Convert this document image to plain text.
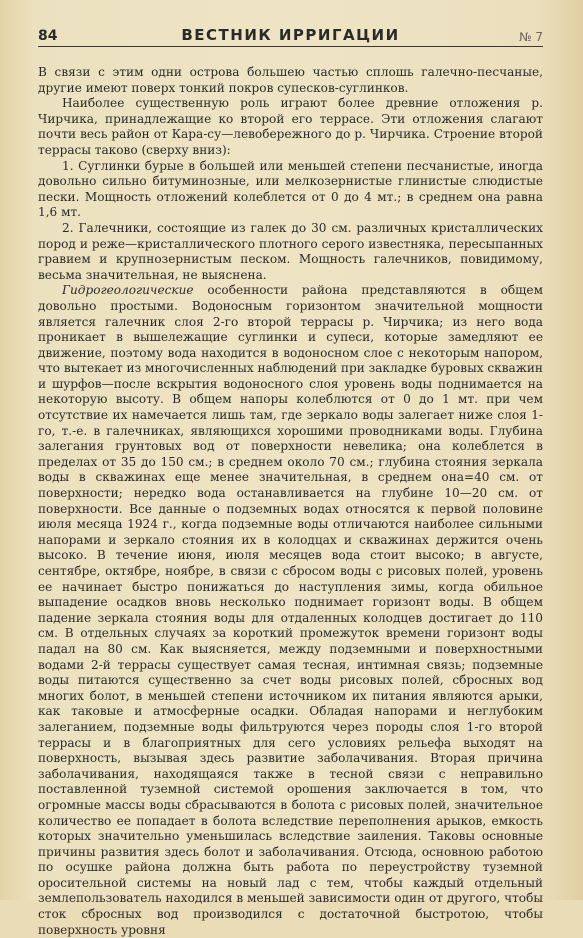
84	ВЕСТНИК ИРРИГАЦИИ	№ 7

В связи с этим одни острова большею частью сплошь галечно-песчаные, другие имеют поверх тонкий покров супесков-суглинков.

Наиболее существенную роль играют более древние отложения р. Чирчика, принадлежащие ко второй его террасе. Эти отложения слагают почти весь район от Кара-су—левобережного до р. Чирчика. Строение второй террасы таково (сверху вниз):

1. Суглинки бурые в большей или меньшей степени песчанистые, иногда довольно сильно битуминозные, или мелкозернистые глинистые слюдистые пески. Мощность отложений колеблется от 0 до 4 мт.; в среднем она равна 1,6 мт.

2. Галечники, состоящие из галек до 30 см. различных кристаллических пород и реже—кристаллического плотного серого известняка, пересыпанных гравием и крупнозернистым песком. Мощность галечников, повидимому, весьма значительная, не выяснена.

Гидрогеологические особенности района представляются в общем довольно простыми. Водоносным горизонтом значительной мощности является галечник слоя 2-го второй террасы р. Чирчика; из него вода проникает в вышележащие суглинки и супеси, которые замедляют ее движение, поэтому вода находится в водоносном слое с некоторым напором, что вытекает из многочисленных наблюдений при закладке буровых скважин и шурфов—после вскрытия водоносного слоя уровень воды поднимается на некоторую высоту. В общем напоры колеблются от 0 до 1 мт. при чем отсутствие их намечается лишь там, где зеркало воды залегает ниже слоя 1-го, т.-е. в галечниках, являющихся хорошими проводниками воды. Глубина залегания грунтовых вод от поверхности невелика; она колеблется в пределах от 35 до 150 см.; в среднем около 70 см.; глубина стояния зеркала воды в скважинах еще менее значительная, в среднем она=40 см. от поверхности; нередко вода останавливается на глубине 10—20 см. от поверхности. Все данные о подземных водах относятся к первой половине июля месяца 1924 г., когда подземные воды отличаются наиболее сильными напорами и зеркало стояния их в колодцах и скважинах держится очень высоко. В течение июня, июля месяцев вода стоит высоко; в августе, сентябре, октябре, ноябре, в связи с сбросом воды с рисовых полей, уровень ее начинает быстро понижаться до наступления зимы, когда обильное выпадение осадков вновь несколько поднимает горизонт воды. В общем падение зеркала стояния воды для отдаленных колодцев достигает до 110 см. В отдельных случаях за короткий промежуток времени горизонт воды падал на 80 см. Как выясняется, между подземными и поверхностными водами 2-й террасы существует самая тесная, интимная связь; подземные воды питаются существенно за счет воды рисовых полей, сбросных вод многих болот, в меньшей степени источником их питания являются арыки, как таковые и атмосферные осадки. Обладая напорами и неглубоким залеганием, подземные воды фильтруются через породы слоя 1-го второй террасы и в благоприятных для сего условиях рельефа выходят на поверхность, вызывая здесь развитие заболачивания. Вторая причина заболачивания, находящаяся также в тесной связи с неправильно поставленной туземной системой орошения заключается в том, что огромные массы воды сбрасываются в болота с рисовых полей, значительное количество ее попадает в болота вследствие переполнения арыков, емкость которых значительно уменьшилась вследствие заиления. Таковы основные причины развития здесь болот и заболачивания. Отсюда, основною работою по осушке района должна быть работа по переустройству туземной оросительной системы на новый лад с тем, чтобы каждый отдельный землепользователь находился в меньшей зависимости один от другого, чтобы сток сбросных вод производился с достаточной быстротою, чтобы поверхность уровня
